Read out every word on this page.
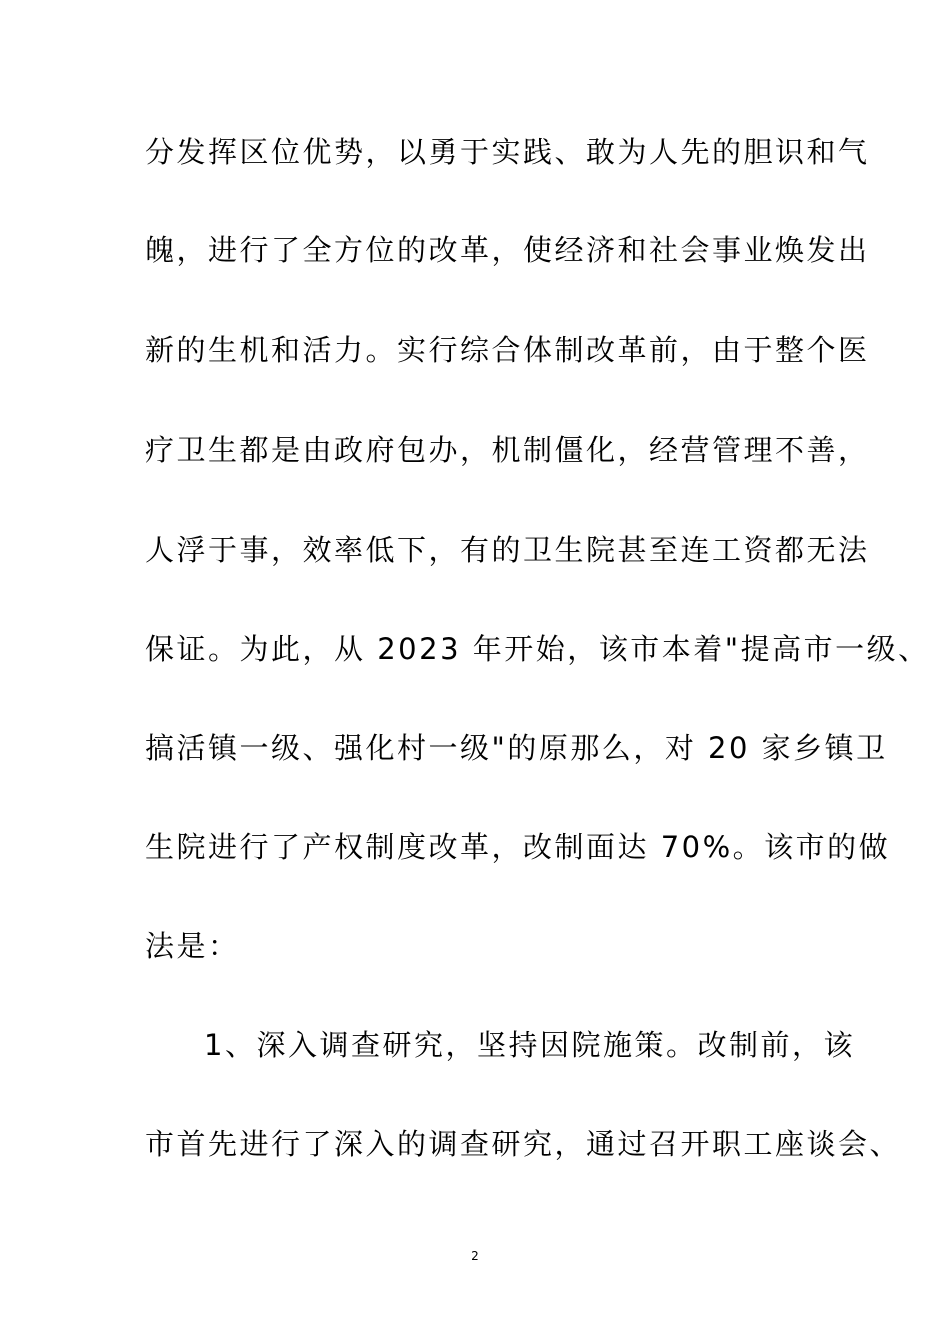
分发挥区位优势，以勇于实践、敢为人先的胆识和气
魄，进行了全方位的改革，使经济和社会事业焕发出
新的生机和活力。实行综合体制改革前，由于整个医
疗卫生都是由政府包办，机制僵化，经营管理不善，
人浮于事，效率低下，有的卫生院甚至连工资都无法
保证。为此，从 2023 年开始，该市本着"提高市一级、
搞活镇一级、强化村一级"的原那么，对 20 家乡镇卫
生院进行了产权制度改革，改制面达 70%。该市的做
法是：
1、深入调查研究，坚持因院施策。改制前，该
市首先进行了深入的调查研究，通过召开职工座谈会、
2
